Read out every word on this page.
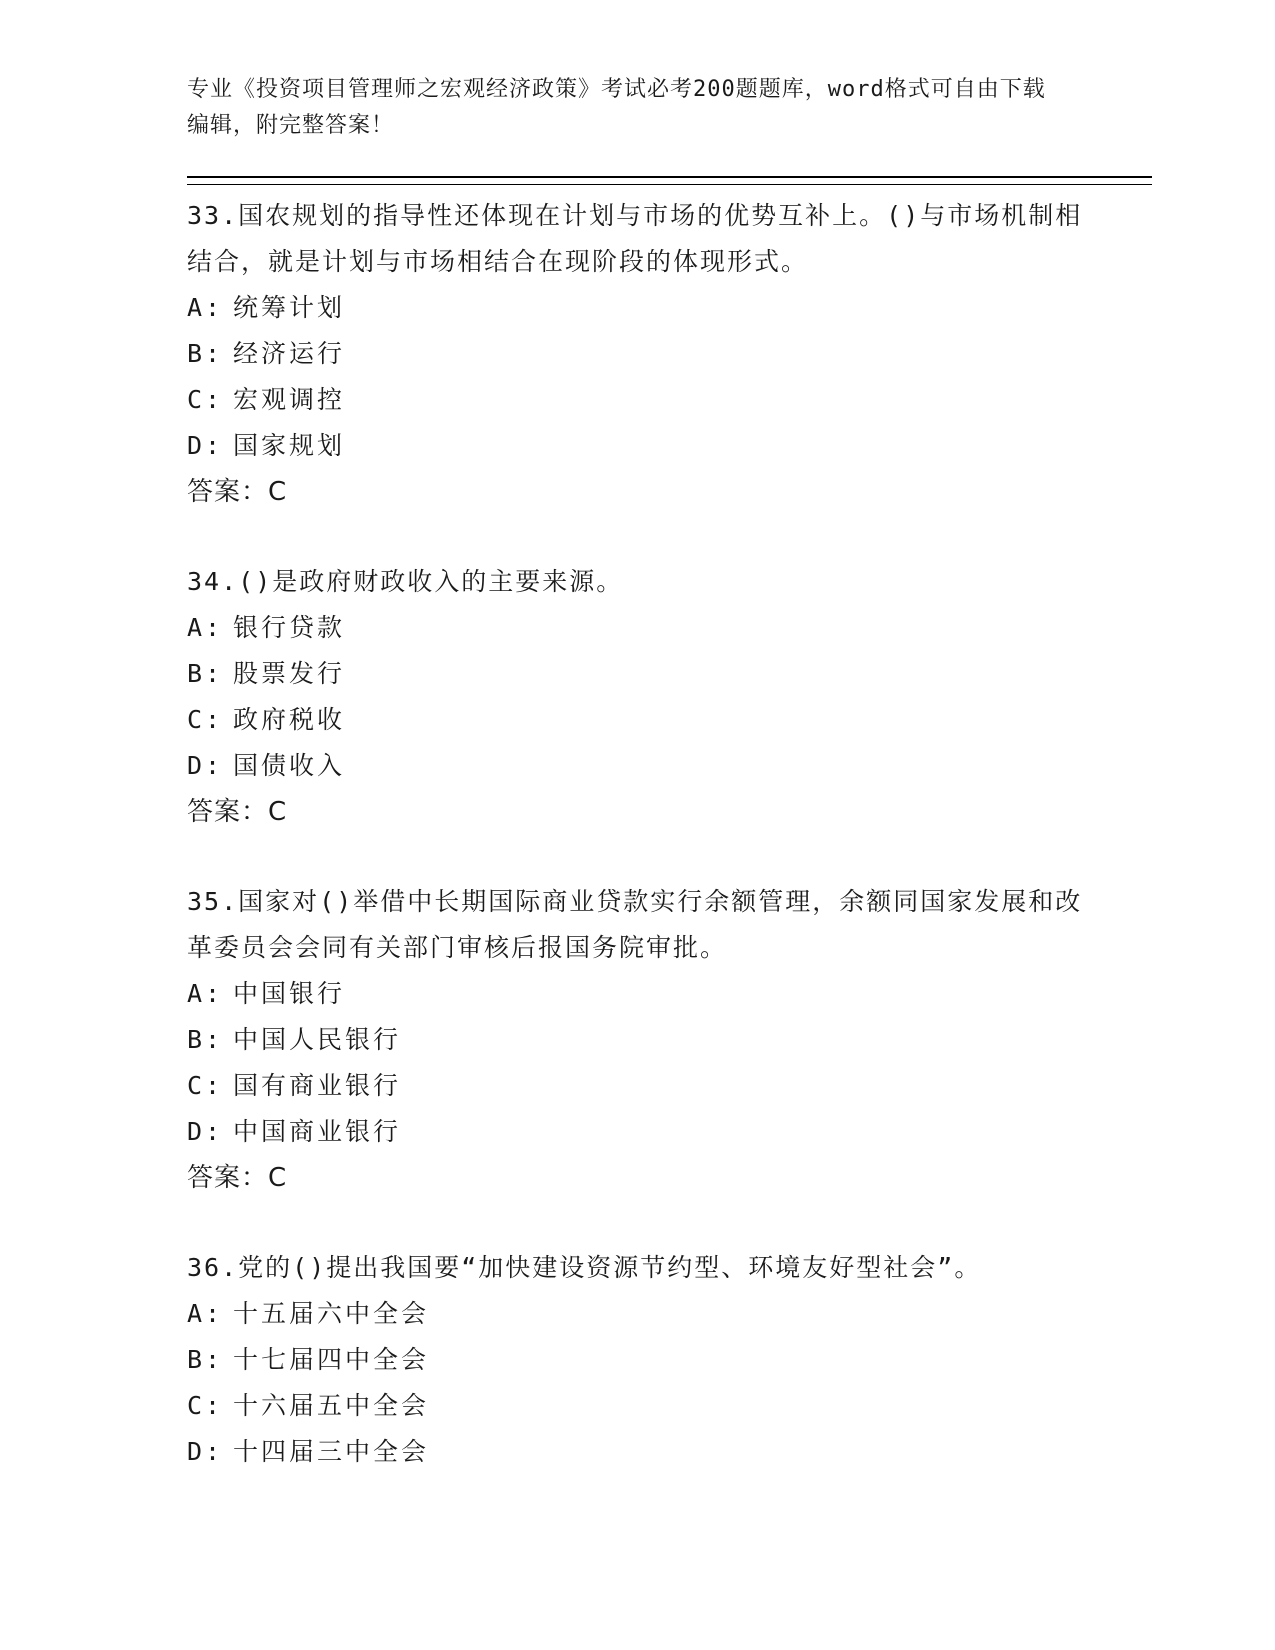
专业《投资项目管理师之宏观经济政策》考试必考200题题库，word格式可自由下载编辑，附完整答案！

33.国农规划的指导性还体现在计划与市场的优势互补上。()与市场机制相结合，就是计划与市场相结合在现阶段的体现形式。

A: 统筹计划

B: 经济运行

C: 宏观调控

D: 国家规划

答案：C

34.()是政府财政收入的主要来源。

A: 银行贷款

B: 股票发行

C: 政府税收

D: 国债收入

答案：C

35.国家对()举借中长期国际商业贷款实行余额管理，余额同国家发展和改革委员会会同有关部门审核后报国务院审批。

A: 中国银行

B: 中国人民银行

C: 国有商业银行

D: 中国商业银行

答案：C

36.党的()提出我国要“加快建设资源节约型、环境友好型社会”。

A: 十五届六中全会

B: 十七届四中全会

C: 十六届五中全会

D: 十四届三中全会
